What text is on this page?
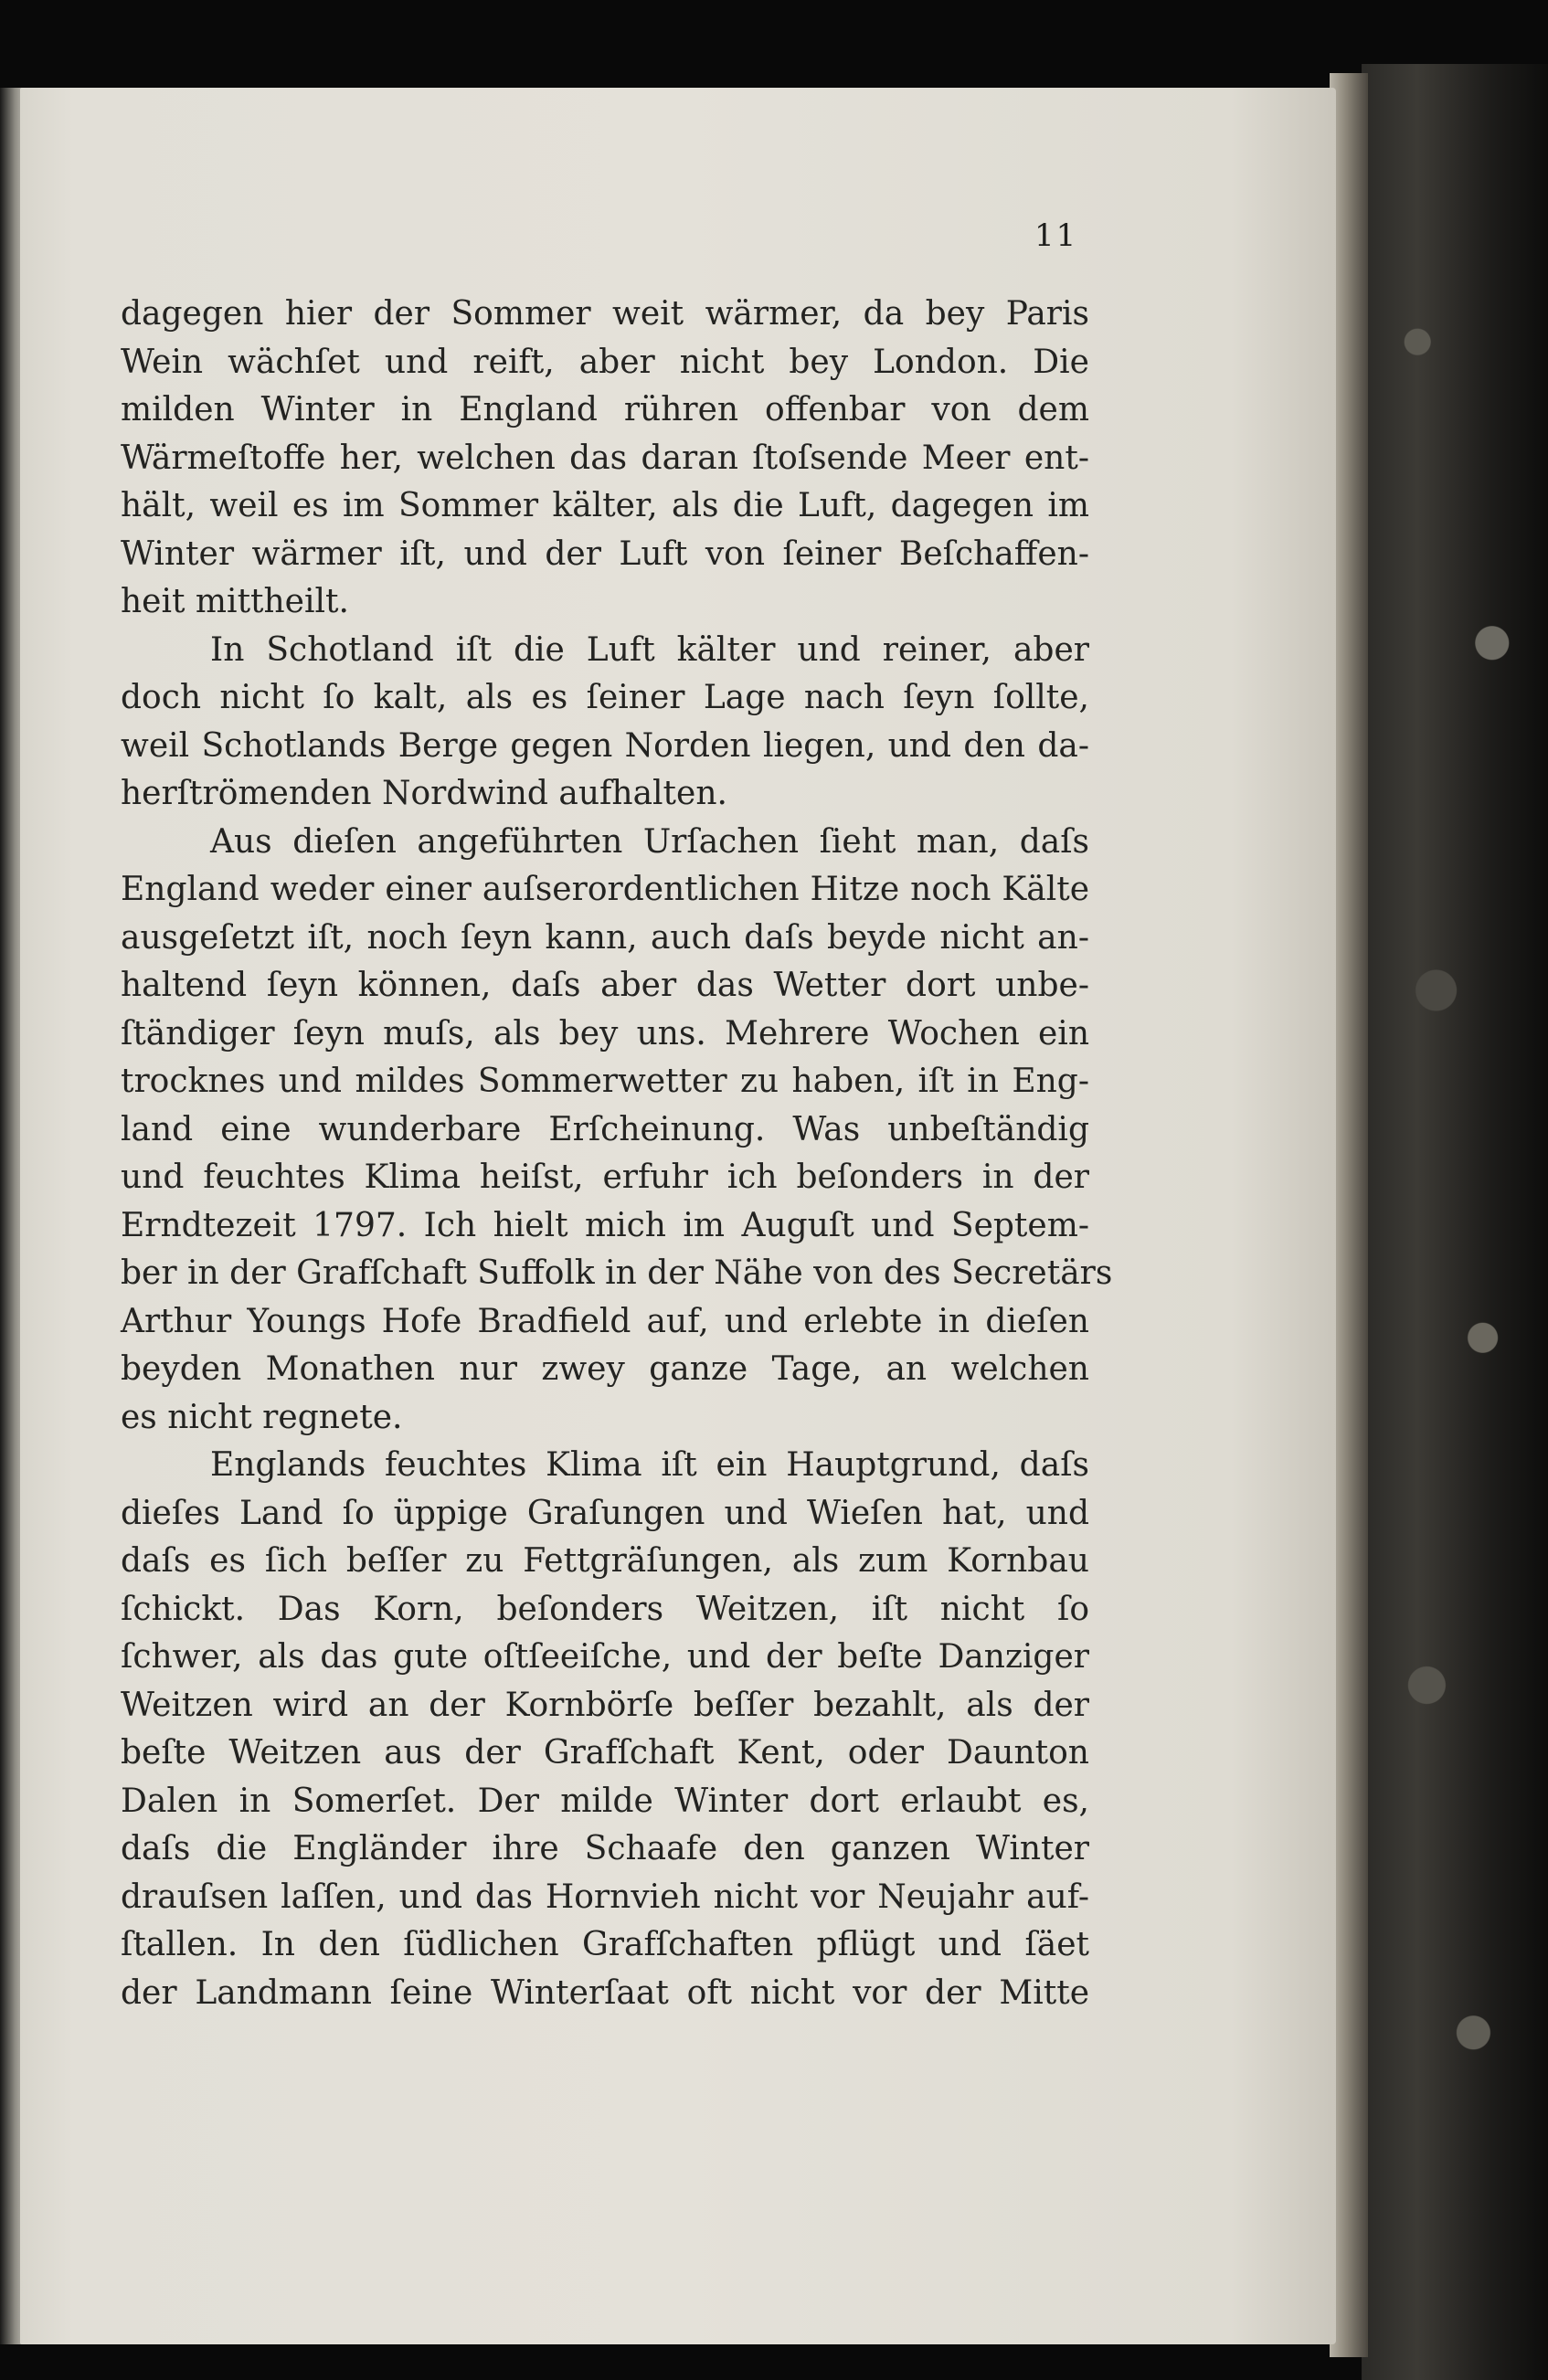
11
dagegen hier der Sommer weit wärmer, da bey Paris
Wein wächſet und reift, aber nicht bey London. Die
milden Winter in England rühren offenbar von dem
Wärmeſtoffe her, welchen das daran ſtoſsende Meer ent-
hält, weil es im Sommer kälter, als die Luft, dagegen im
Winter wärmer iſt, und der Luft von ſeiner Beſchaffen-
heit mittheilt.
In Schotland iſt die Luft kälter und reiner, aber
doch nicht ſo kalt, als es ſeiner Lage nach ſeyn ſollte,
weil Schotlands Berge gegen Norden liegen, und den da-
herſtrömenden Nordwind aufhalten.
Aus dieſen angeführten Urſachen ſieht man, daſs
England weder einer auſserordentlichen Hitze noch Kälte
ausgeſetzt iſt, noch ſeyn kann, auch daſs beyde nicht an-
haltend ſeyn können, daſs aber das Wetter dort unbe-
ſtändiger ſeyn muſs, als bey uns. Mehrere Wochen ein
trocknes und mildes Sommerwetter zu haben, iſt in Eng-
land eine wunderbare Erſcheinung. Was unbeſtändig
und feuchtes Klima heiſst, erfuhr ich beſonders in der
Erndtezeit 1797. Ich hielt mich im Auguſt und Septem-
ber in der Grafſchaft Suffolk in der Nähe von des Secretärs
Arthur Youngs Hofe Bradfield auf, und erlebte in dieſen
beyden Monathen nur zwey ganze Tage, an welchen
es nicht regnete.
Englands feuchtes Klima iſt ein Hauptgrund, daſs
dieſes Land ſo üppige Graſungen und Wieſen hat, und
daſs es ſich beſſer zu Fettgräſungen, als zum Kornbau
ſchickt. Das Korn, beſonders Weitzen, iſt nicht ſo
ſchwer, als das gute oſtſeeiſche, und der beſte Danziger
Weitzen wird an der Kornbörſe beſſer bezahlt, als der
beſte Weitzen aus der Grafſchaft Kent, oder Daunton
Dalen in Somerſet. Der milde Winter dort erlaubt es,
daſs die Engländer ihre Schaafe den ganzen Winter
drauſsen laſſen, und das Hornvieh nicht vor Neujahr auf-
ſtallen. In den ſüdlichen Grafſchaften pflügt und ſäet
der Landmann ſeine Winterſaat oft nicht vor der Mitte
